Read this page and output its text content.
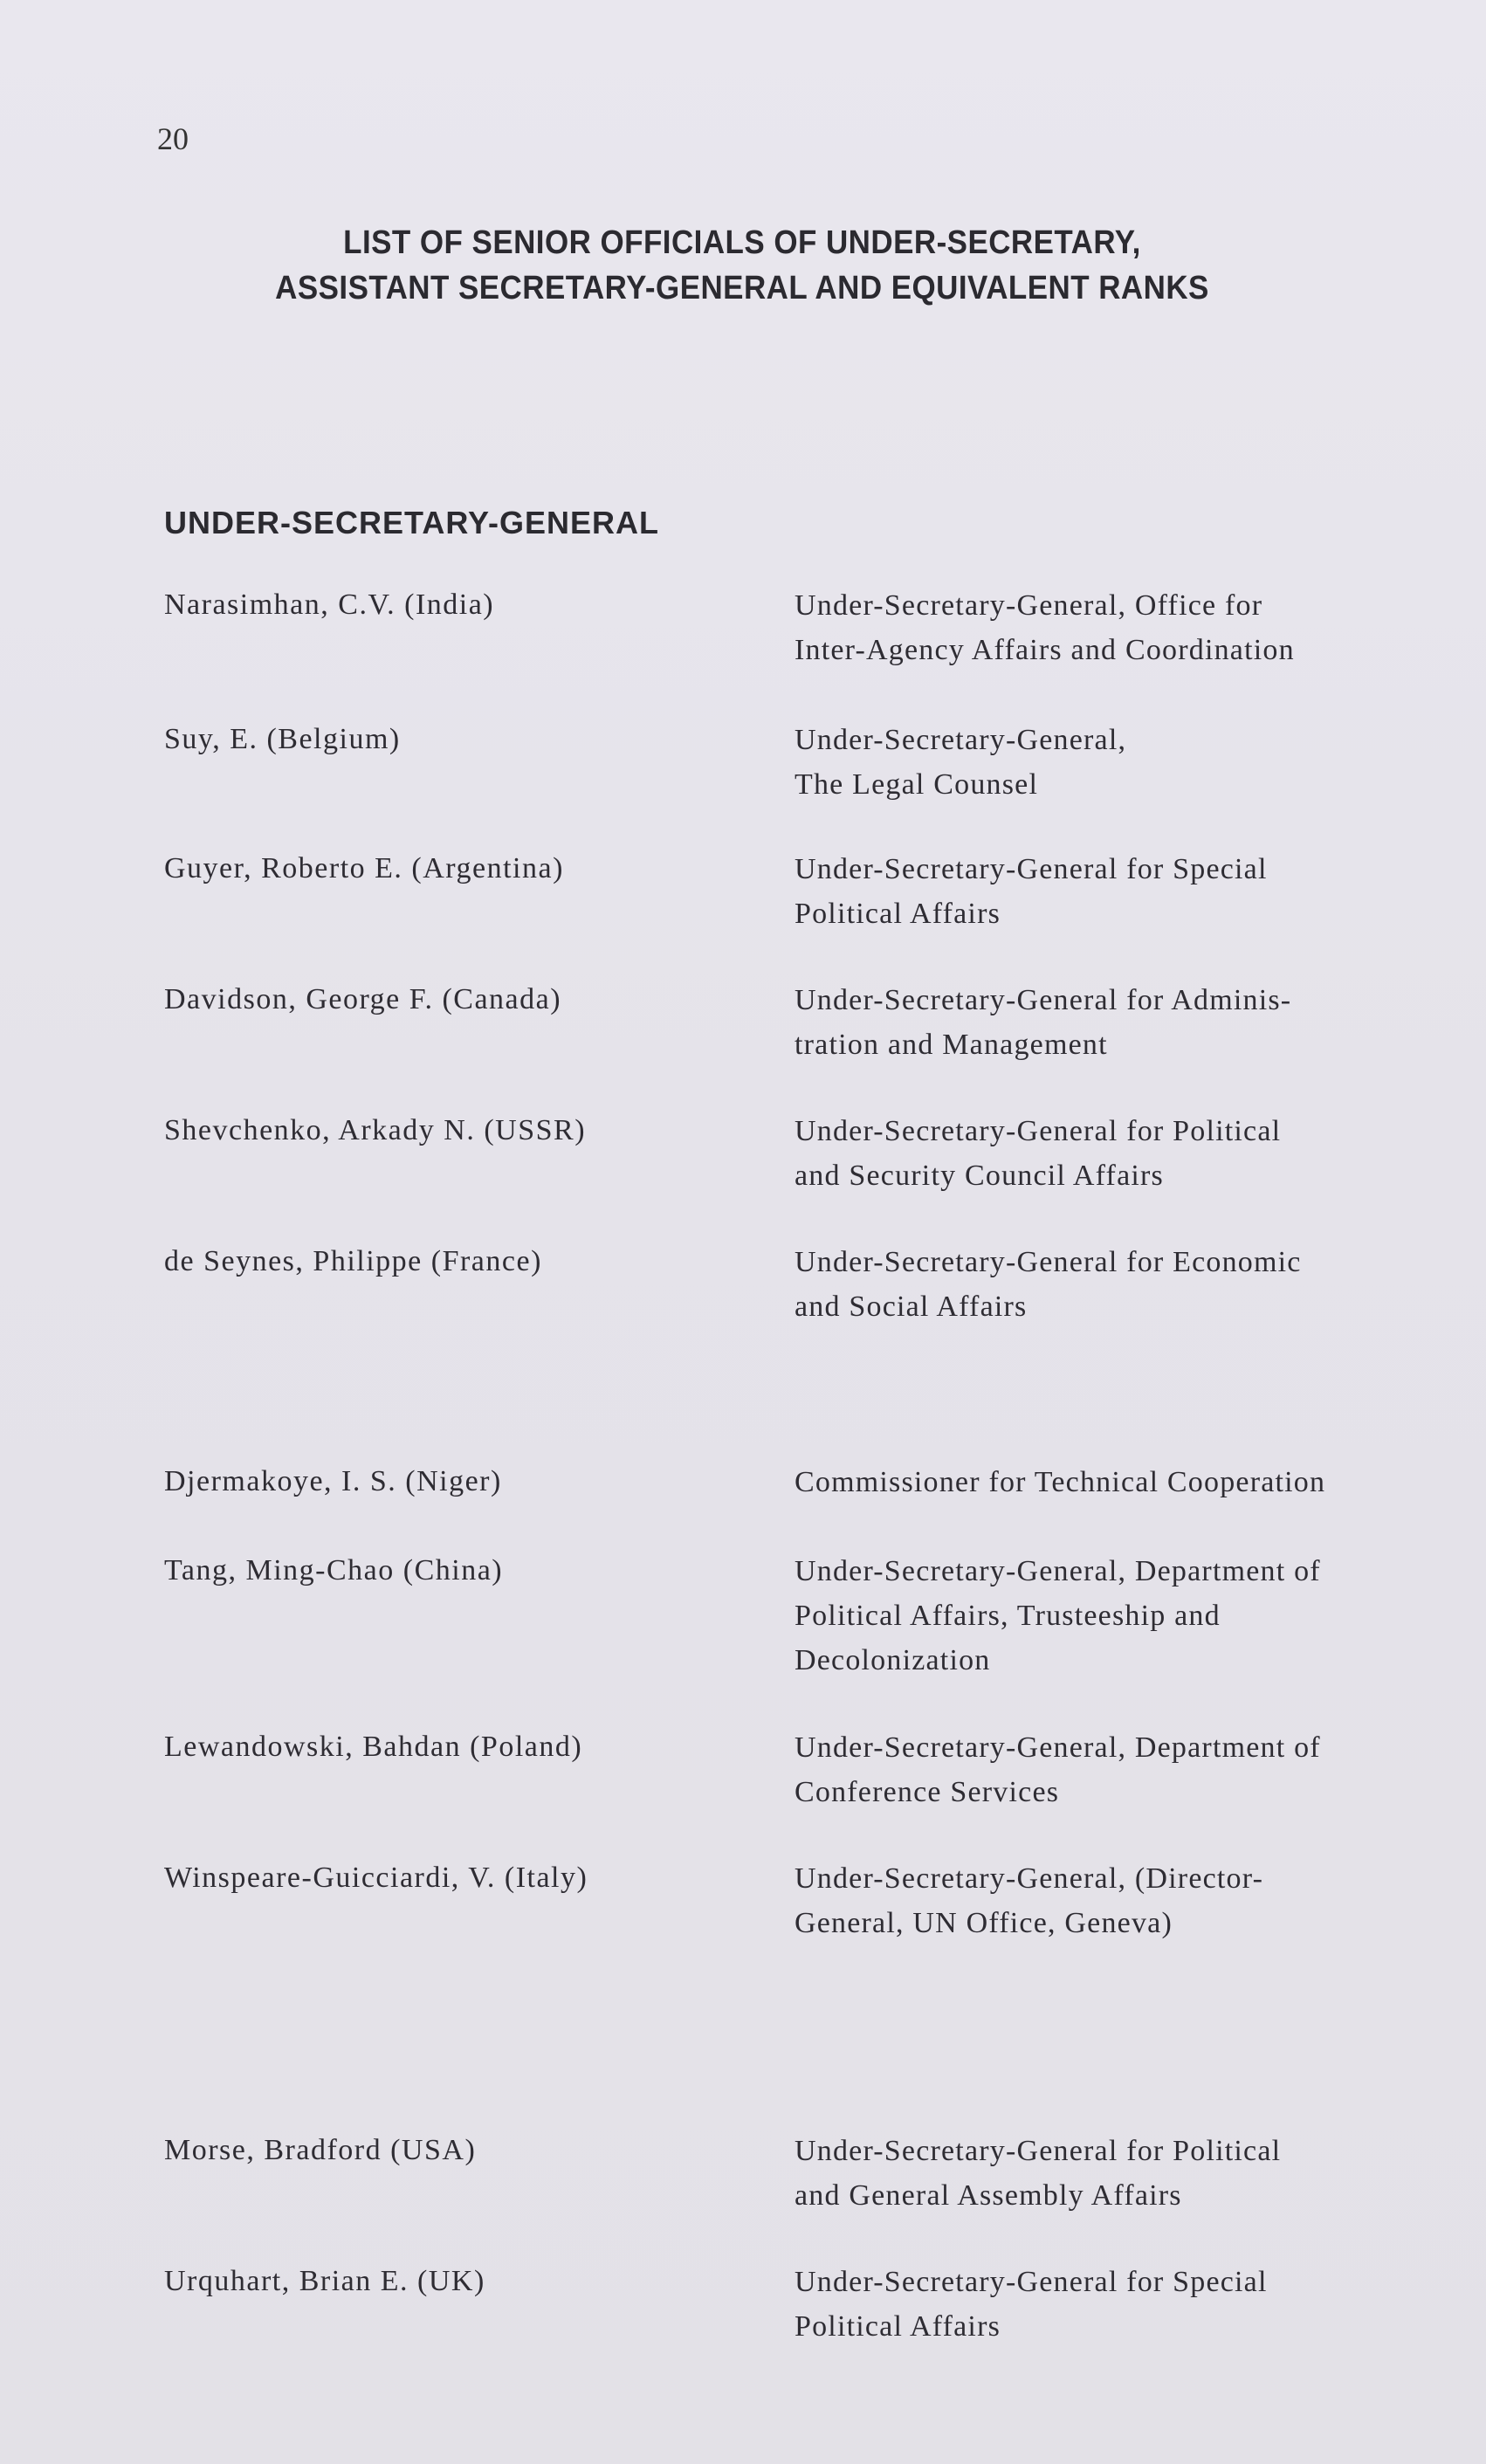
20
LIST OF SENIOR OFFICIALS OF UNDER-SECRETARY,
ASSISTANT SECRETARY-GENERAL AND EQUIVALENT RANKS
UNDER-SECRETARY-GENERAL
Narasimhan, C.V. (India)	Under-Secretary-General, Office for
Inter-Agency Affairs and Coordination
Suy, E. (Belgium)	Under-Secretary-General,
The Legal Counsel
Guyer, Roberto E. (Argentina)	Under-Secretary-General for Special
Political Affairs
Davidson, George F. (Canada)	Under-Secretary-General for Adminis-
tration and Management
Shevchenko, Arkady N. (USSR)	Under-Secretary-General for Political
and Security Council Affairs
de Seynes, Philippe (France)	Under-Secretary-General for Economic
and Social Affairs
Djermakoye, I. S. (Niger)	Commissioner for Technical Cooperation
Tang, Ming-Chao (China)	Under-Secretary-General, Department of
Political Affairs, Trusteeship and
Decolonization
Lewandowski, Bahdan (Poland)	Under-Secretary-General, Department of
Conference Services
Winspeare-Guicciardi, V. (Italy)	Under-Secretary-General, (Director-
General, UN Office, Geneva)
Morse, Bradford (USA)	Under-Secretary-General for Political
and General Assembly Affairs
Urquhart, Brian E. (UK)	Under-Secretary-General for Special
Political Affairs
